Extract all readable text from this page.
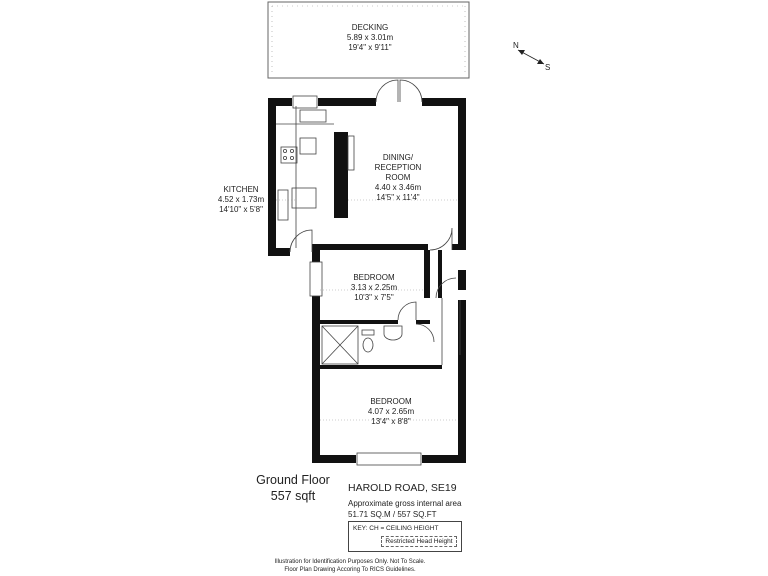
DECKING
5.89 x 3.01m
19'4" x 9'11"
DINING/
RECEPTION
ROOM
4.40 x 3.46m
14'5" x 11'4"
KITCHEN
4.52 x 1.73m
14'10" x 5'8"
BEDROOM
3.13 x 2.25m
10'3" x 7'5"
BEDROOM
4.07 x 2.65m
13'4" x 8'8"
N
S
Ground Floor
557 sqft
HAROLD ROAD, SE19
Approximate gross internal area
51.71 SQ.M / 557 SQ.FT
KEY: CH = CEILING HEIGHT
Restricted Head Height
Illustration for Identification Purposes Only. Not To Scale.
Floor Plan Drawing Accoring To RICS Guidelines.
